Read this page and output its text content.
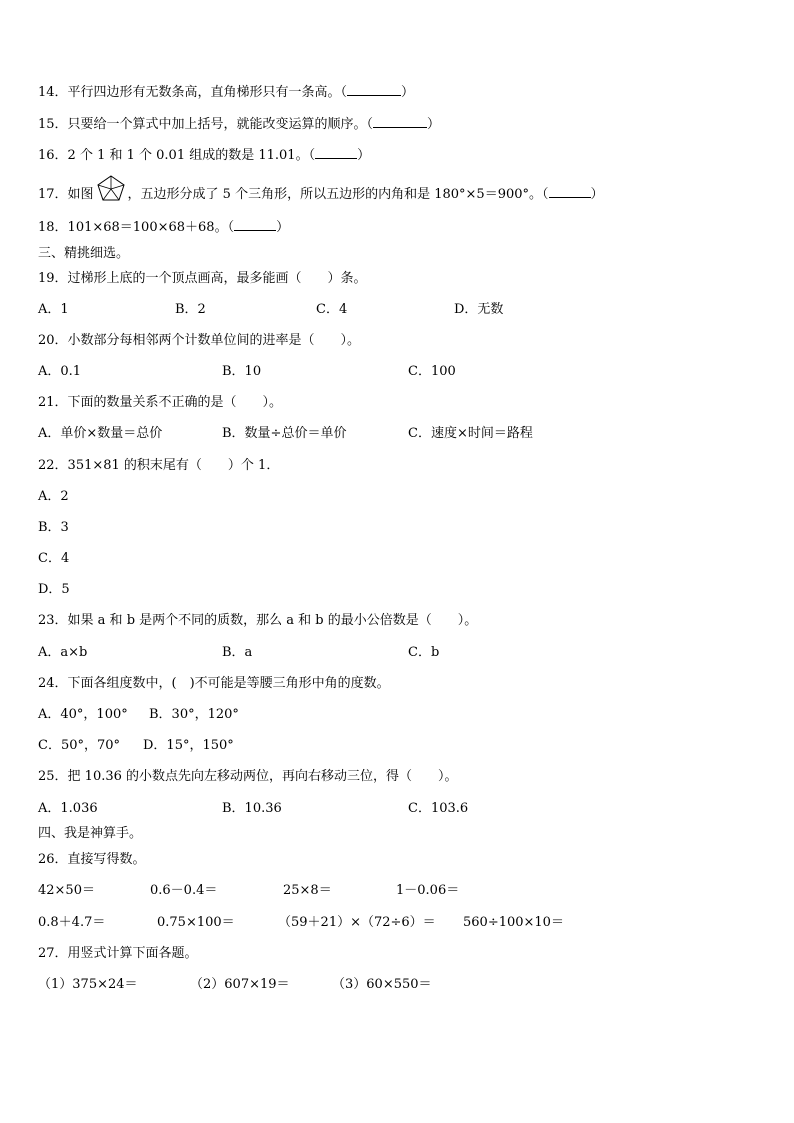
14．平行四边形有无数条高，直角梯形只有一条高。（	）
15．只要给一个算式中加上括号，就能改变运算的顺序。（	）
16．2 个 1 和 1 个 0.01 组成的数是 11.01。（	）
17．如图	，五边形分成了 5 个三角形，所以五边形的内角和是 180°×5＝900°。（	）
18．101×68＝100×68＋68。（	）
三、精挑细选。
19．过梯形上底的一个顶点画高，最多能画（　　）条。
A．1	B．2	C．4	D．无数
20．小数部分每相邻两个计数单位间的进率是（　　）。
A．0.1	B．10	C．100
21．下面的数量关系不正确的是（　　）。
A．单价×数量＝总价	B．数量÷总价＝单价	C．速度×时间＝路程
22．351×81 的积末尾有（　　）个 1．
A．2
B．3
C．4
D．5
23．如果 a 和 b 是两个不同的质数，那么 a 和 b 的最小公倍数是（　　）。
A．a×b	B．a	C．b
24．下面各组度数中，(　)不可能是等腰三角形中角的度数。
A．40°，100° B．30°，120°
C．50°，70° D．15°，150°
25．把 10.36 的小数点先向左移动两位，再向右移动三位，得（　　）。
A．1.036	B．10.36	C．103.6
四、我是神算手。
26．直接写得数。
42×50＝	0.6－0.4＝	25×8＝	1－0.06＝
0.8＋4.7＝	0.75×100＝	（59＋21）×（72÷6）＝ 560÷100×10＝
27．用竖式计算下面各题。
（1）375×24＝	（2）607×19＝	（3）60×550＝
